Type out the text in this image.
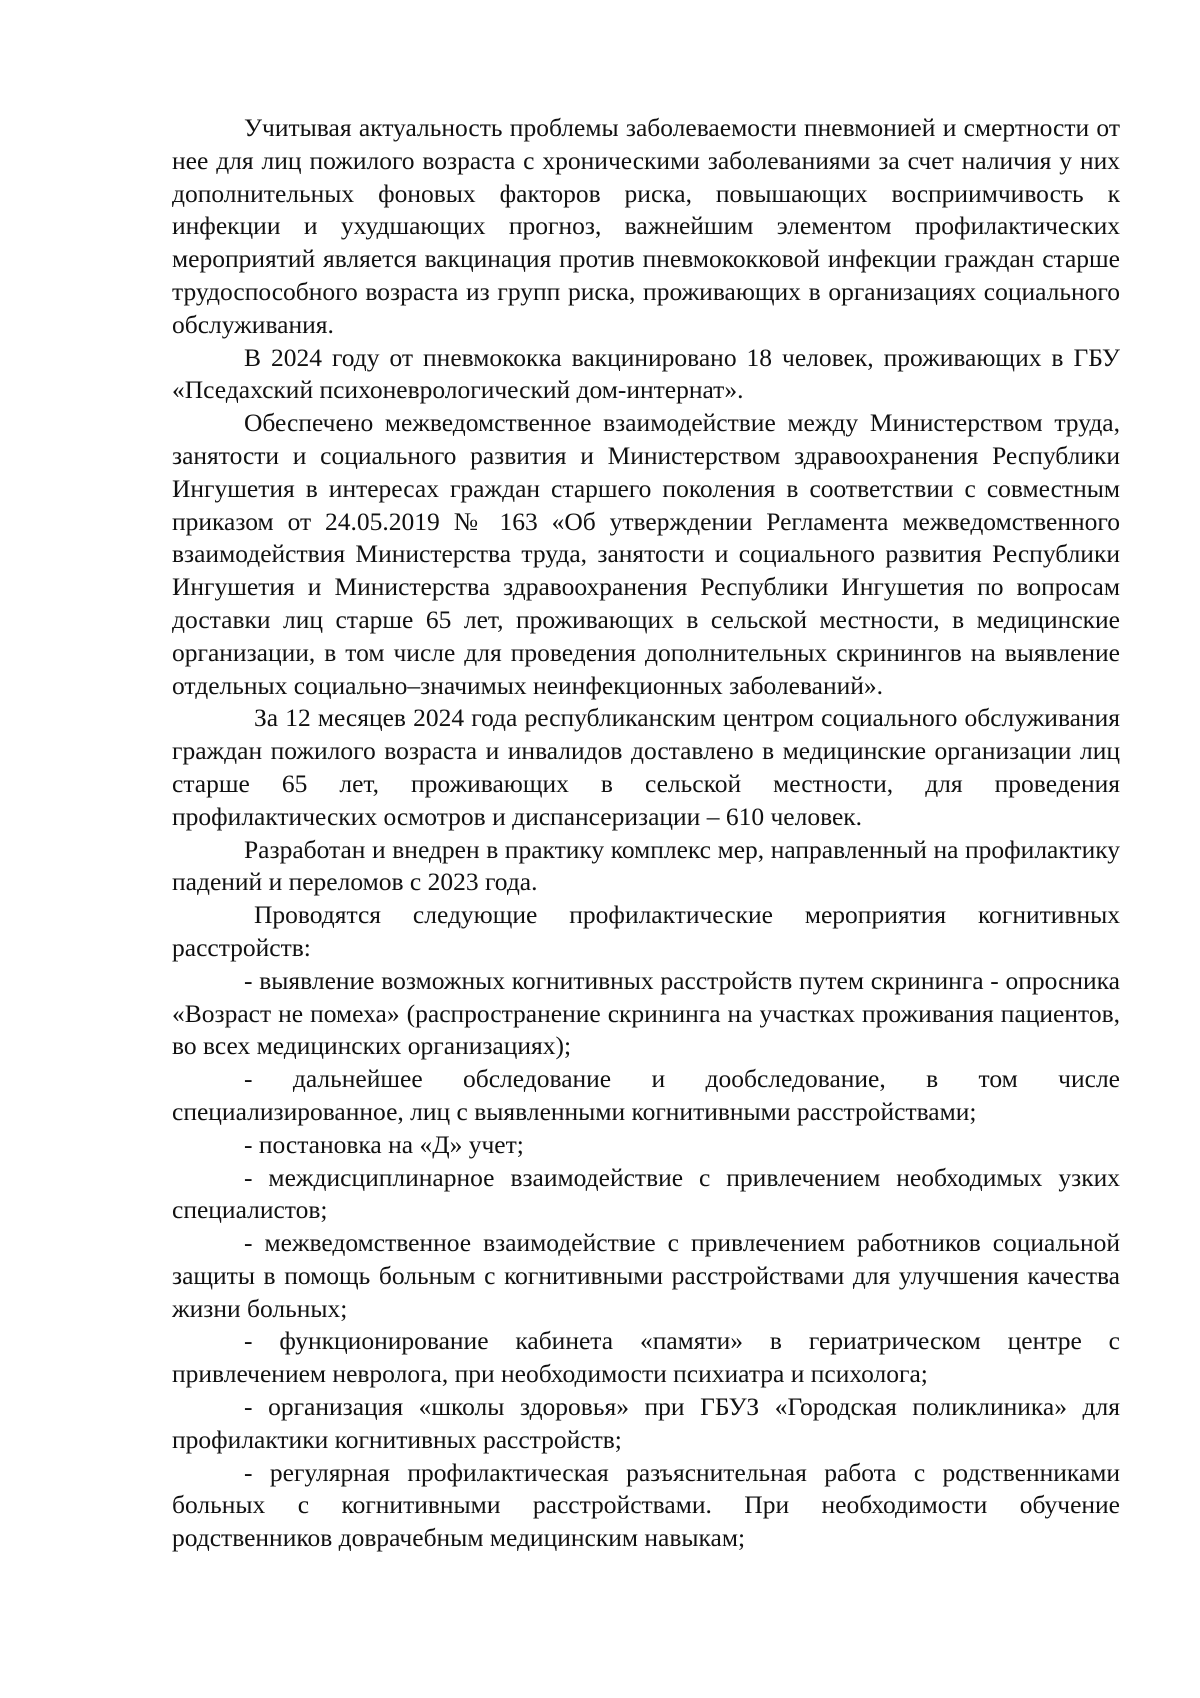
Учитывая актуальность проблемы заболеваемости пневмонией и смертности от нее для лиц пожилого возраста с хроническими заболеваниями за счет наличия у них дополнительных фоновых факторов риска, повышающих восприимчивость к инфекции и ухудшающих прогноз, важнейшим элементом профилактических мероприятий является вакцинация против пневмококковой инфекции граждан старше трудоспособного возраста из групп риска, проживающих в организациях социального обслуживания.

В 2024 году от пневмококка вакцинировано 18 человек, проживающих в ГБУ «Пседахский психоневрологический дом-интернат».

Обеспечено межведомственное взаимодействие между Министерством труда, занятости и социального развития и Министерством здравоохранения Республики Ингушетия в интересах граждан старшего поколения в соответствии с совместным приказом от 24.05.2019 № 163 «Об утверждении Регламента межведомственного взаимодействия Министерства труда, занятости и социального развития Республики Ингушетия и Министерства здравоохранения Республики Ингушетия по вопросам доставки лиц старше 65 лет, проживающих в сельской местности, в медицинские организации, в том числе для проведения дополнительных скринингов на выявление отдельных социально–значимых неинфекционных заболеваний».

За 12 месяцев 2024 года республиканским центром социального обслуживания граждан пожилого возраста и инвалидов доставлено в медицинские организации лиц старше 65 лет, проживающих в сельской местности, для проведения профилактических осмотров и диспансеризации – 610 человек.

Разработан и внедрен в практику комплекс мер, направленный на профилактику падений и переломов с 2023 года.

Проводятся следующие профилактические мероприятия когнитивных расстройств:

- выявление возможных когнитивных расстройств путем скрининга - опросника «Возраст не помеха» (распространение скрининга на участках проживания пациентов, во всех медицинских организациях);

- дальнейшее обследование и дообследование, в том числе специализированное, лиц с выявленными когнитивными расстройствами;

- постановка на «Д» учет;

- междисциплинарное взаимодействие с привлечением необходимых узких специалистов;

- межведомственное взаимодействие с привлечением работников социальной защиты в помощь больным с когнитивными расстройствами для улучшения качества жизни больных;

- функционирование кабинета «памяти» в гериатрическом центре с привлечением невролога, при необходимости психиатра и психолога;

- организация «школы здоровья» при ГБУЗ «Городская поликлиника» для профилактики когнитивных расстройств;

- регулярная профилактическая разъяснительная работа с родственниками больных с когнитивными расстройствами. При необходимости обучение родственников доврачебным медицинским навыкам;
